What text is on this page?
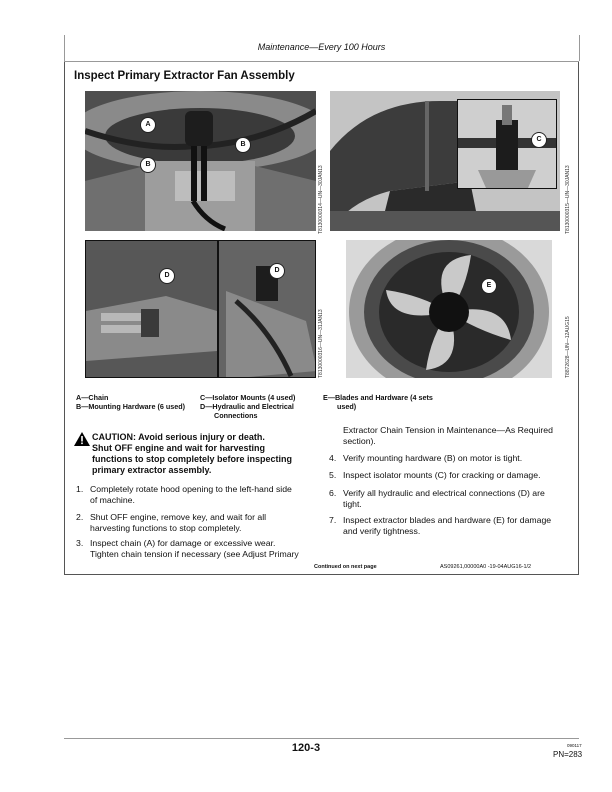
Maintenance—Every 100 Hours
Inspect Primary Extractor Fan Assembly
A
B
B
T8130000314—UN—30JAN13
C
T8130000315—UN—30JAN13
D
D
T8130000316—UN—31JAN13
E
T8872628—UN—12AUG15
A—Chain
B—Mounting Hardware (6 used)
C—Isolator Mounts (4 used)
D—Hydraulic and Electrical
Connections
E—Blades and Hardware (4 sets
used)
CAUTION: Avoid serious injury or death.
Shut OFF engine and wait for harvesting
functions to stop completely before inspecting
primary extractor assembly.
1. Completely rotate hood opening to the left-hand side
of machine.
2. Shut OFF engine, remove key, and wait for all
harvesting functions to stop completely.
3. Inspect chain (A) for damage or excessive wear.
Tighten chain tension if necessary (see Adjust Primary
Extractor Chain Tension in Maintenance—As Required
section).
4. Verify mounting hardware (B) on motor is tight.
5. Inspect isolator mounts (C) for cracking or damage.
6. Verify all hydraulic and electrical connections (D) are
tight.
7. Inspect extractor blades and hardware (E) for damage
and verify tightness.
Continued on next page	AS09261,00000A0 -19-04AUG16-1/2
120-3	090117
PN=283
